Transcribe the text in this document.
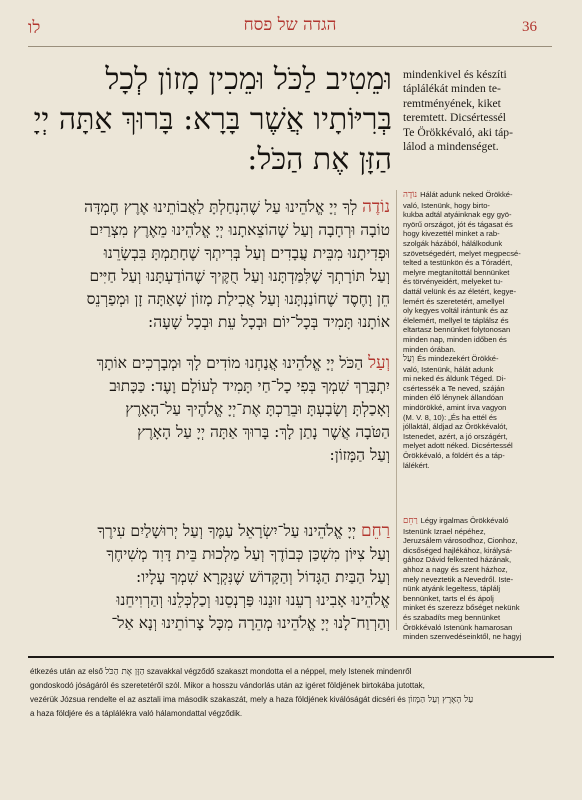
לו	הגדה של פסח	36
וּמֵטִיב לַכֹּל וּמֵכִין מָזוֹן לְכָל
בְּרִיּוֹתָיו אֲשֶׁר בָּרָא: בָּרוּךְ אַתָּה יְיָ
הַזָּן אֶת הַכֹּל:
mindenkivel és készíti
táplálékát minden te-
remtményének, kiket
teremtett. Dicsértessél
Te Örökkévaló, aki táp-
lálod a mindenséget.
נוֹדֶה לְךָ יְיָ אֱלֹהֵינוּ עַל שֶׁהִנְחַלְתָּ לַאֲבוֹתֵינוּ אֶרֶץ חֶמְדָּה
טוֹבָה וּרְחָבָה וְעַל שֶׁהוֹצֵאתָנוּ יְיָ אֱלֹהֵינוּ מֵאֶרֶץ מִצְרַיִם
וּפְדִיתָנוּ מִבֵּית עֲבָדִים וְעַל בְּרִיתְךָ שֶׁחָתַמְתָּ בִּבְשָׂרֵנוּ
וְעַל תּוֹרָתְךָ שֶׁלִּמַּדְתָּנוּ וְעַל חֻקֶּיךָ שֶׁהוֹדַעְתָּנוּ וְעַל חַיִּים
חֵן וָחֶסֶד שֶׁחוֹנַנְתָּנוּ וְעַל אֲכִילַת מָזוֹן שָׁאַתָּה זָן וּמְפַרְנֵס
אוֹתָנוּ תָּמִיד בְּכָל־יוֹם וּבְכָל עֵת וּבְכָל שָׁעָה:
נוֹדֶה Hálát adunk neked Örökké-
való, Istenünk, hogy birto-
kukba adtál atyáinknak egy gyö-
nyörű országot, jót és tágasat és
hogy kivezettél minket a rab-
szolgák házából, hálálkodunk
szövetségedért, melyet megpecsé-
telted a testünkön és a Tóradért,
melyre megtanítottál bennünket
és törvényeidért, melyeket tu-
dattál velünk és az életért, kegye-
lemért és szeretetért, amellyel
oly kegyes voltál irántunk és az
élelemért, mellyel te táplálsz és
eltartasz bennünket folytonosan
minden nap, minden időben és
minden órában.
וְעַל הַכֹּל יְיָ אֱלֹהֵינוּ אֲנַחְנוּ מוֹדִים לָךְ וּמְבָרְכִים אוֹתָךְ
יִתְבָּרַךְ שִׁמְךָ בְּפִי כָל־חַי תָּמִיד לְעוֹלָם וָעֶד: כַּכָּתוּב
וְאָכַלְתָּ וְשָׂבָעְתָּ וּבֵרַכְתָּ אֶת־יְיָ אֱלֹהֶיךָ עַל־הָאָרֶץ
הַטֹּבָה אֲשֶׁר נָתַן לָךְ: בָּרוּךְ אַתָּה יְיָ עַל הָאָרֶץ
וְעַל הַמָּזוֹן:
וְעַל És mindezekért Örökké-
való, Istenünk, hálát adunk
mi neked és áldunk Téged. Di-
csértessék a Te neved, száján
minden élő lénynek állandóan
mindörökké, amint írva vagyon
(M. V. 8, 10): „És ha ettél és
jóllaktál, áldjad az Örökkévalót,
Istenedet, azért, a jó országért,
melyet adott néked. Dicsértessél
Örökkévaló, a földért és a táp-
lálékért.
רַחֵם יְיָ אֱלֹהֵינוּ עַל־יִשְׂרָאֵל עַמֶּךָ וְעַל יְרוּשָׁלַיִם עִירֶךָ
וְעַל צִיּוֹן מִשְׁכַּן כְּבוֹדֶךָ וְעַל מַלְכוּת בֵּית דָּוִד מְשִׁיחֶךָ
וְעַל הַבַּיִת הַגָּדוֹל וְהַקָּדוֹשׁ שֶׁנִּקְרָא שִׁמְךָ עָלָיו:
אֱלֹהֵינוּ אָבִינוּ רְעֵנוּ זוּנֵנוּ פַּרְנְסֵנוּ וְכַלְכְּלֵנוּ וְהַרְוִיחֵנוּ
וְהַרְוַח־לָנוּ יְיָ אֱלֹהֵינוּ מְהֵרָה מִכָּל צָרוֹתֵינוּ וְנָא אַל־
רַחֵם Légy irgalmas Örökkévaló
Istenünk Izrael népéhez,
Jeruzsálem városodhoz, Cionhoz,
dicsőséged hajlékához, királysá-
gához Dávid felkented házának,
ahhoz a nagy és szent házhoz,
mely neveztetik a Nevedről. Iste-
nünk atyánk legeltess, táplálj
bennünket, tarts el és ápolj
minket és szerezz bőséget nekünk
és szabadíts meg bennünket
Örökkévaló Istenünk hamarosan
minden szenvedéseinktől, ne hagyj
étkezés után az első הַזָּן אֶת הַכֹּל szavakkal végződő szakaszt mondotta el a néppel, mely Istenek mindenről
gondoskodó jóságáról és szeretetéről szól. Mikor a hosszu vándorlás után az igéret földjének birtokába jutottak,
vezérük Józsua rendelte el az asztali ima második szakaszát, mely a haza földjének kiválóságát dicséri és עַל הָאָרֶץ וְעַל הַמָּזוֹן
a haza földjére és a táplálékra való hálamondattal végződik.
